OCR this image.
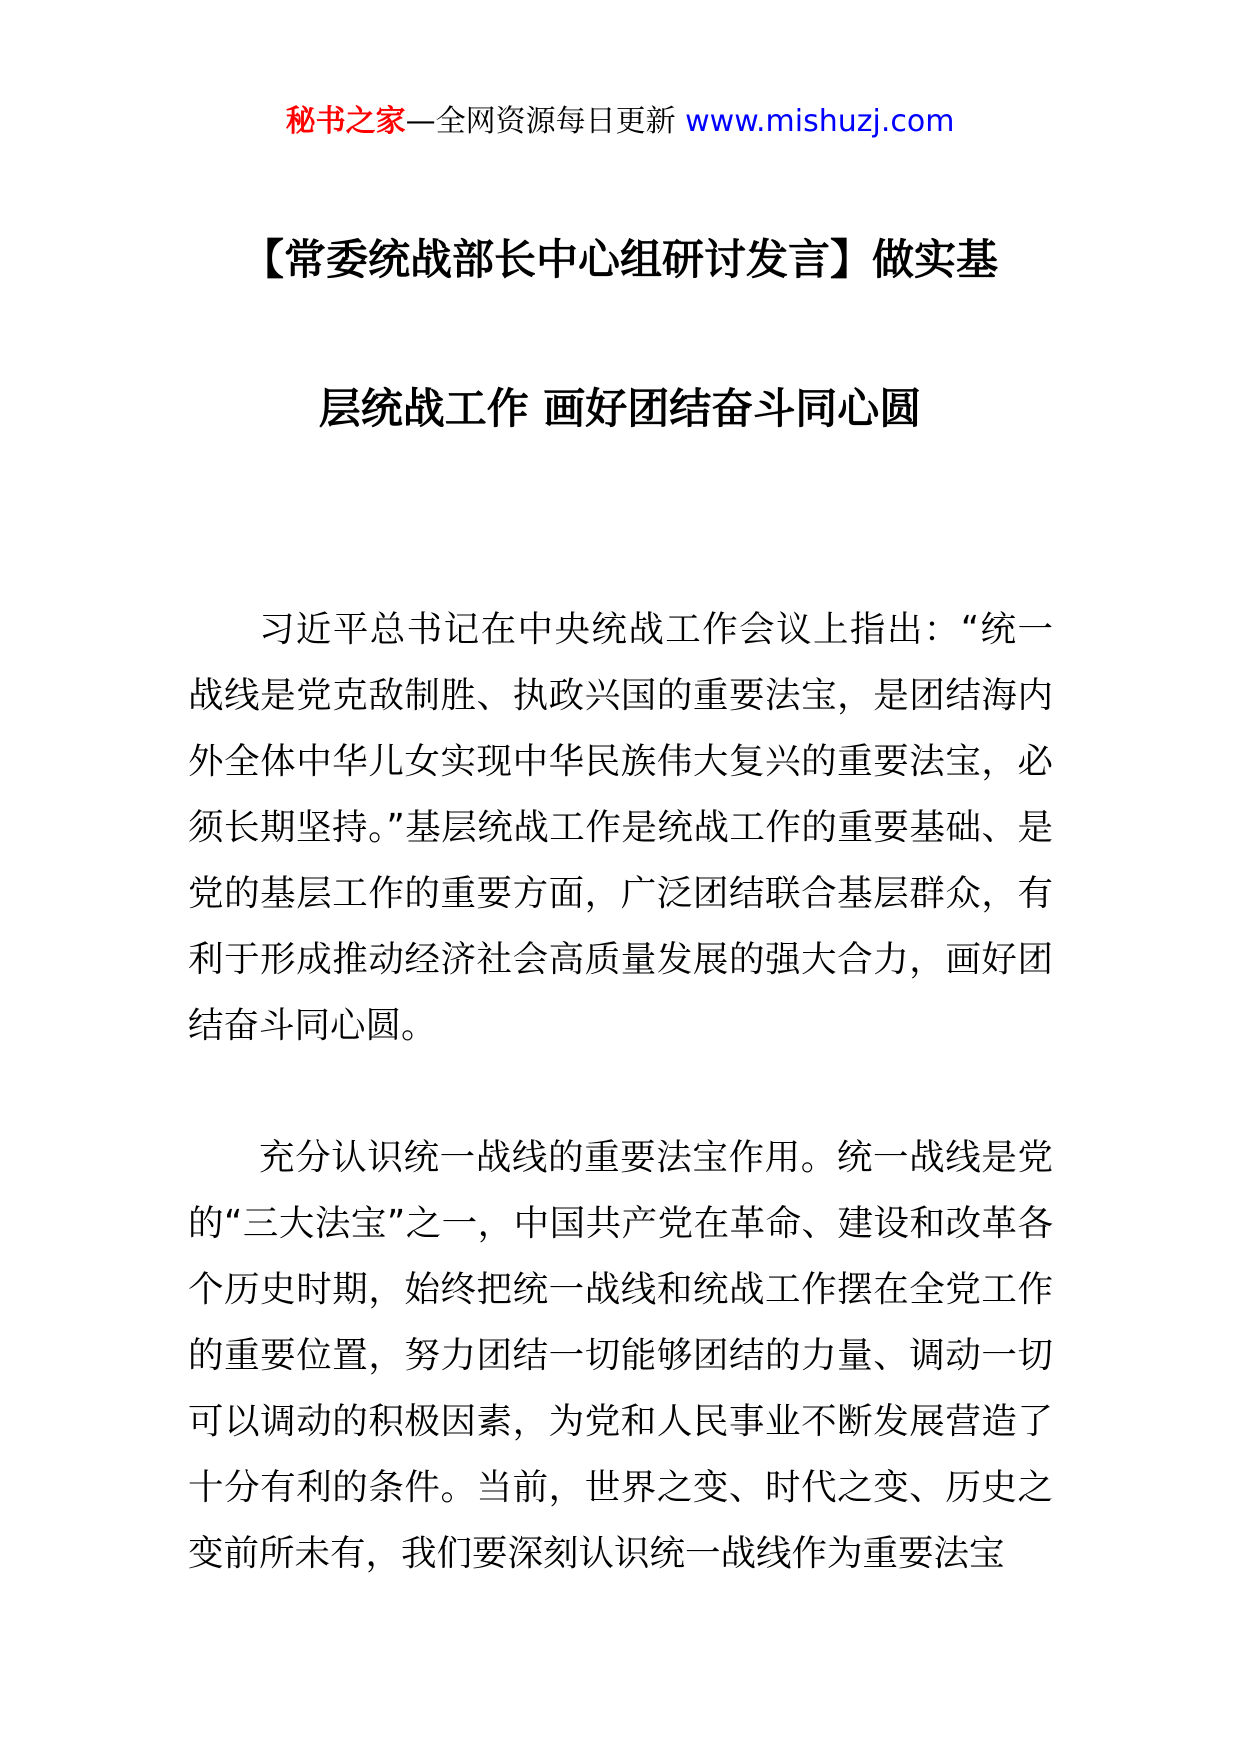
秘书之家—全网资源每日更新 www.mishuzj.com
【常委统战部长中心组研讨发言】做实基
层统战工作 画好团结奋斗同心圆

习近平总书记在中央统战工作会议上指出：“统一战线是党克敌制胜、执政兴国的重要法宝，是团结海内外全体中华儿女实现中华民族伟大复兴的重要法宝，必须长期坚持。”基层统战工作是统战工作的重要基础、是党的基层工作的重要方面，广泛团结联合基层群众，有利于形成推动经济社会高质量发展的强大合力，画好团结奋斗同心圆。

充分认识统一战线的重要法宝作用。统一战线是党的“三大法宝”之一，中国共产党在革命、建设和改革各个历史时期，始终把统一战线和统战工作摆在全党工作的重要位置，努力团结一切能够团结的力量、调动一切可以调动的积极因素，为党和人民事业不断发展营造了十分有利的条件。当前，世界之变、时代之变、历史之变前所未有，我们要深刻认识统一战线作为重要法宝
